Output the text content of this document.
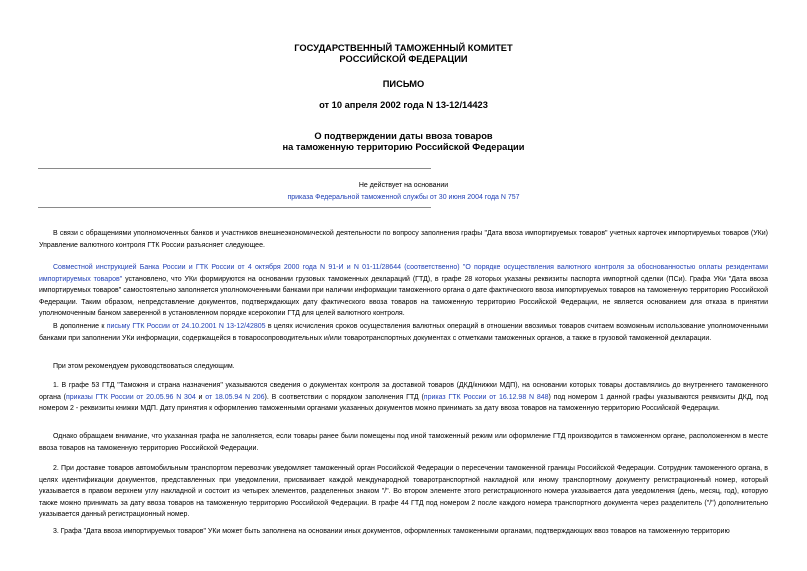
ГОСУДАРСТВЕННЫЙ ТАМОЖЕННЫЙ КОМИТЕТ
РОССИЙСКОЙ ФЕДЕРАЦИИ
ПИСЬМО
от 10 апреля 2002 года N 13-12/14423
О подтверждении даты ввоза товаров
на таможенную территорию Российской Федерации
Не действует на основании
приказа Федеральной таможенной службы от 30 июня 2004 года N 757
В связи с обращениями уполномоченных банков и участников внешнеэкономической деятельности по вопросу заполнения графы "Дата ввоза импортируемых товаров" учетных карточек импортируемых товаров (УКи) Управление валютного контроля ГТК России разъясняет следующее.
Совместной инструкцией Банка России и ГТК России от 4 октября 2000 года N 91-И и N 01-11/28644 (соответственно) "О порядке осуществления валютного контроля за обоснованностью оплаты резидентами импортируемых товаров" установлено, что УКи формируются на основании грузовых таможенных деклараций (ГТД), в графе 28 которых указаны реквизиты паспорта импортной сделки (ПСи). Графа УКи "Дата ввоза импортируемых товаров" самостоятельно заполняется уполномоченными банками при наличии информации таможенного органа о дате фактического ввоза импортируемых товаров на таможенную территорию Российской Федерации. Таким образом, непредставление документов, подтверждающих дату фактического ввоза товаров на таможенную территорию Российской Федерации, не является основанием для отказа в принятии уполномоченным банком заверенной в установленном порядке ксерокопии ГТД для целей валютного контроля.
В дополнение к письму ГТК России от 24.10.2001 N 13-12/42805 в целях исчисления сроков осуществления валютных операций в отношении ввозимых товаров считаем возможным использование уполномоченными банками при заполнении УКи информации, содержащейся в товаросопроводительных и/или товаротранспортных документах с отметками таможенных органов, а также в грузовой таможенной декларации.
При этом рекомендуем руководствоваться следующим.
1. В графе 53 ГТД "Таможня и страна назначения" указываются сведения о документах контроля за доставкой товаров (ДКД/книжки МДП), на основании которых товары доставлялись до внутреннего таможенного органа (приказы ГТК России от 20.05.96 N 304 и от 18.05.94 N 206). В соответствии с порядком заполнения ГТД (приказ ГТК России от 16.12.98 N 848) под номером 1 данной графы указываются реквизиты ДКД, под номером 2 - реквизиты книжки МДП. Дату принятия к оформлению таможенными органами указанных документов можно принимать за дату ввоза товаров на таможенную территорию Российской Федерации.
Однако обращаем внимание, что указанная графа не заполняется, если товары ранее были помещены под иной таможенный режим или оформление ГТД производится в таможенном органе, расположенном в месте ввоза товаров на таможенную территорию Российской Федерации.
2. При доставке товаров автомобильным транспортом перевозчик уведомляет таможенный орган Российской Федерации о пересечении таможенной границы Российской Федерации. Сотрудник таможенного органа, в целях идентификации документов, представленных при уведомлении, присваивает каждой международной товаротранспортной накладной или иному транспортному документу регистрационный номер, который указывается в правом верхнем углу накладной и состоит из четырех элементов, разделенных знаком "/". Во втором элементе этого регистрационного номера указывается дата уведомления (день, месяц, год), которую также можно принимать за дату ввоза товаров на таможенную территорию Российской Федерации. В графе 44 ГТД под номером 2 после каждого номера транспортного документа через разделитель ("/") дополнительно указывается данный регистрационный номер.
3. Графа "Дата ввоза импортируемых товаров" УКи может быть заполнена на основании иных документов, оформленных таможенными органами, подтверждающих ввоз товаров на таможенную территорию
